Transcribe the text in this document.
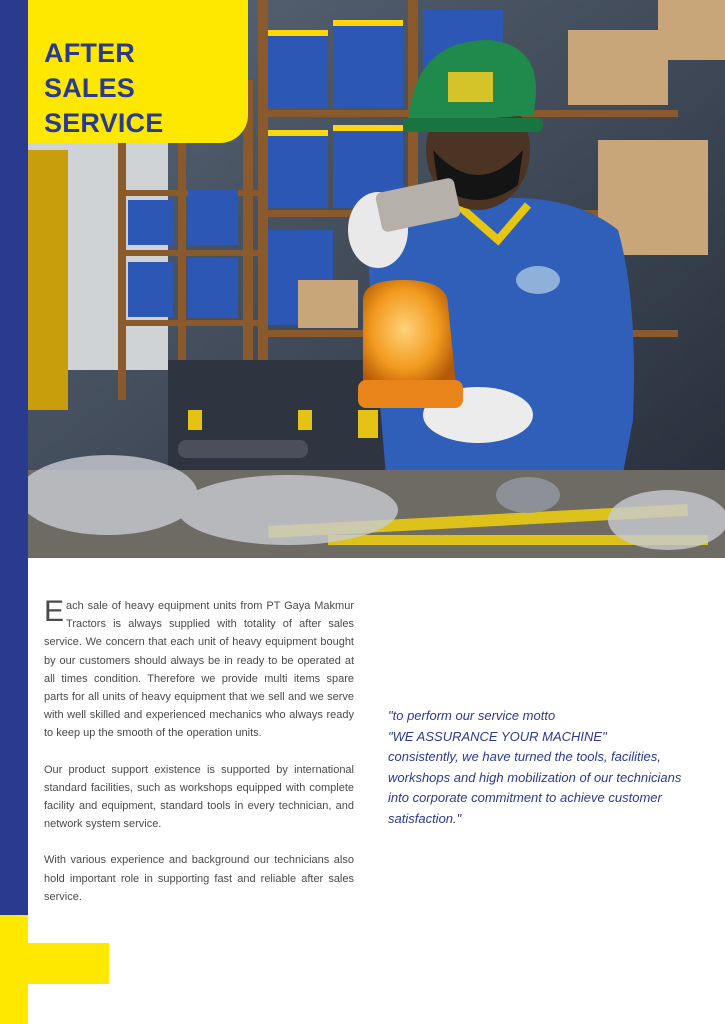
AFTER
SALES SERVICE

Each sale of heavy equipment units from PT Gaya Makmur Tractors is always supplied with totality of after sales service. We concern that each unit of heavy equipment bought by our customers should always be in ready to be operated at all times condition. Therefore we provide multi items spare parts for all units of heavy equipment that we sell and we serve with well skilled and experienced mechanics who always ready to keep up the smooth of the operation units.

Our product support existence is supported by international standard facilities, such as workshops equipped with complete facility and equipment, standard tools in every technician, and network system service.

With various experience and background our technicians also hold important role in supporting fast and reliable after sales service.

"to perform our service motto
"WE ASSURANCE YOUR MACHINE"
consistently, we have turned the tools, facilities, workshops and high mobilization of our technicians into corporate commitment to achieve customer satisfaction."
